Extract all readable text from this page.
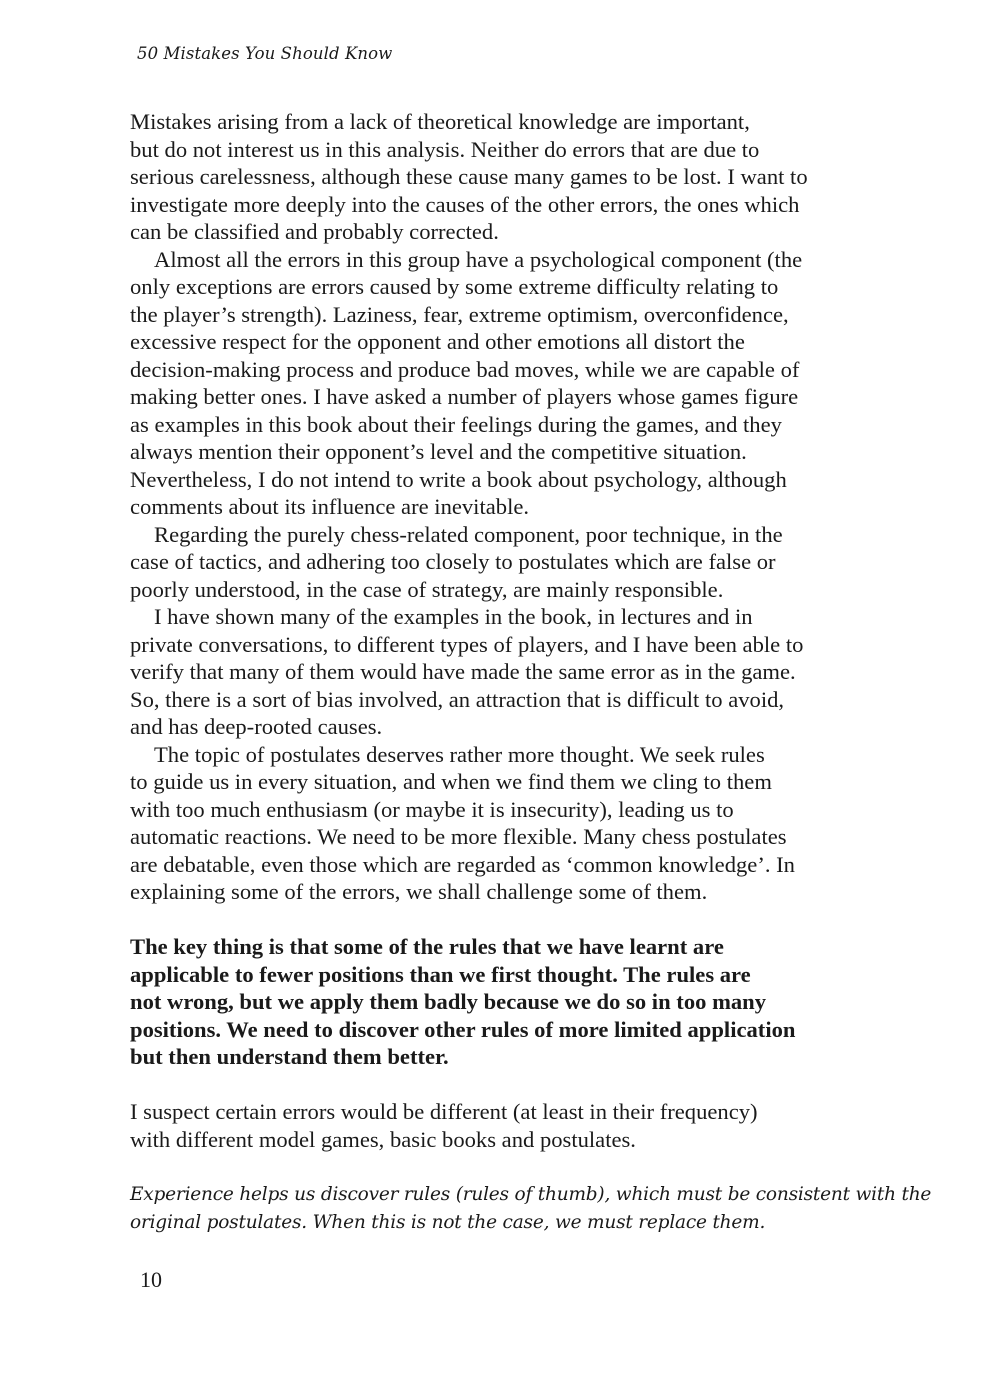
50 Mistakes You Should Know
Mistakes arising from a lack of theoretical knowledge are important,
but do not interest us in this analysis. Neither do errors that are due to
serious carelessness, although these cause many games to be lost. I want to
investigate more deeply into the causes of the other errors, the ones which
can be classified and probably corrected.
Almost all the errors in this group have a psychological component (the
only exceptions are errors caused by some extreme difficulty relating to
the player’s strength). Laziness, fear, extreme optimism, overconfidence,
excessive respect for the opponent and other emotions all distort the
decision-making process and produce bad moves, while we are capable of
making better ones. I have asked a number of players whose games figure
as examples in this book about their feelings during the games, and they
always mention their opponent’s level and the competitive situation.
Nevertheless, I do not intend to write a book about psychology, although
comments about its influence are inevitable.
Regarding the purely chess-related component, poor technique, in the
case of tactics, and adhering too closely to postulates which are false or
poorly understood, in the case of strategy, are mainly responsible.
I have shown many of the examples in the book, in lectures and in
private conversations, to different types of players, and I have been able to
verify that many of them would have made the same error as in the game.
So, there is a sort of bias involved, an attraction that is difficult to avoid,
and has deep-rooted causes.
The topic of postulates deserves rather more thought. We seek rules
to guide us in every situation, and when we find them we cling to them
with too much enthusiasm (or maybe it is insecurity), leading us to
automatic reactions. We need to be more flexible. Many chess postulates
are debatable, even those which are regarded as ‘common knowledge’. In
explaining some of the errors, we shall challenge some of them.
The key thing is that some of the rules that we have learnt are
applicable to fewer positions than we first thought. The rules are
not wrong, but we apply them badly because we do so in too many
positions. We need to discover other rules of more limited application
but then understand them better.
I suspect certain errors would be different (at least in their frequency)
with different model games, basic books and postulates.
Experience helps us discover rules (rules of thumb), which must be consistent with the
original postulates. When this is not the case, we must replace them.
10
